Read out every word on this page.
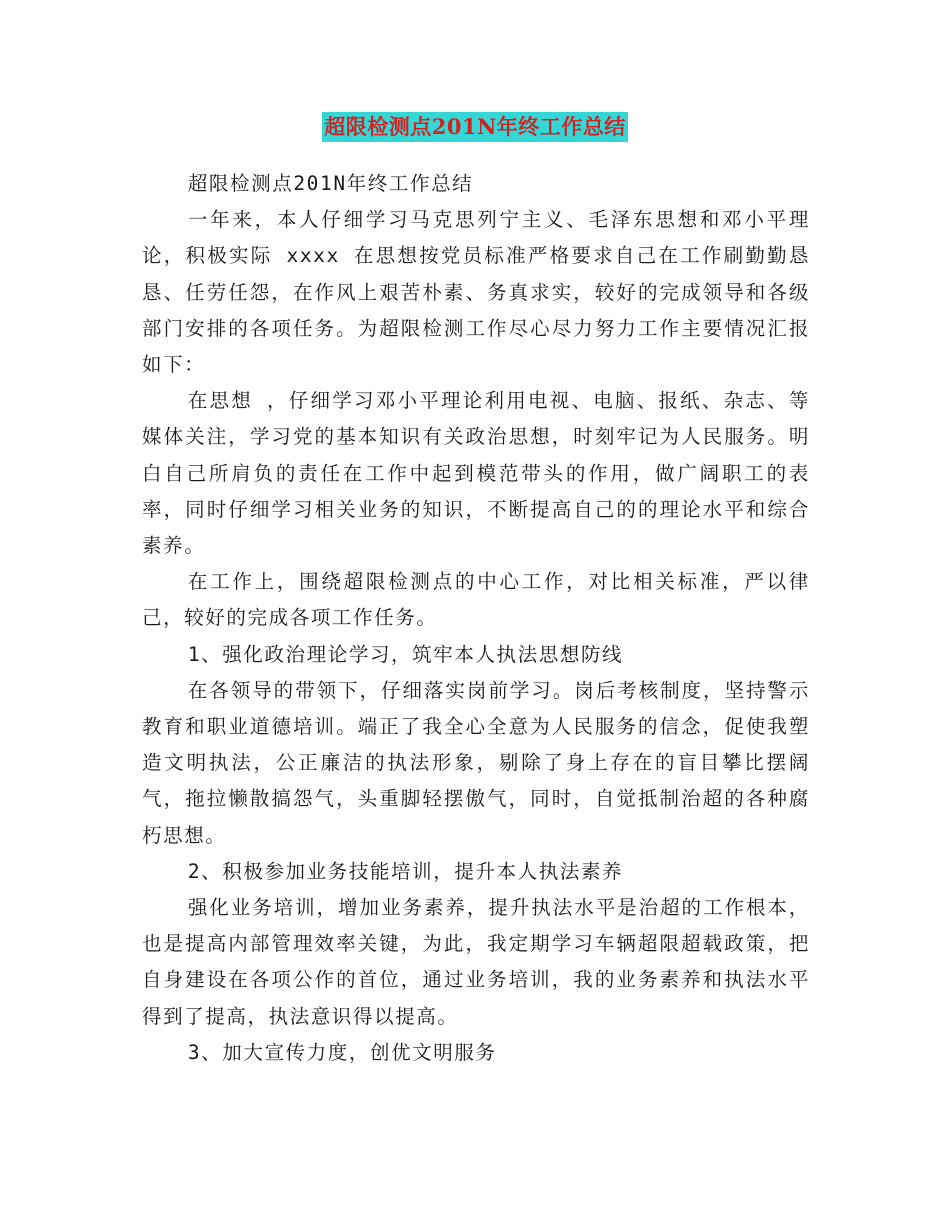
超限检测点201N年终工作总结

超限检测点201N年终工作总结

一年来，本人仔细学习马克思列宁主义、毛泽东思想和邓小平理论，积极实际 xxxx 在思想按党员标准严格要求自己在工作刷勤勤恳恳、任劳任怨，在作风上艰苦朴素、务真求实，较好的完成领导和各级部门安排的各项任务。为超限检测工作尽心尽力努力工作主要情况汇报如下：

在思想 ，仔细学习邓小平理论利用电视、电脑、报纸、杂志、等媒体关注，学习党的基本知识有关政治思想，时刻牢记为人民服务。明白自己所肩负的责任在工作中起到模范带头的作用，做广阔职工的表率，同时仔细学习相关业务的知识，不断提高自己的的理论水平和综合素养。

在工作上，围绕超限检测点的中心工作，对比相关标准，严以律己，较好的完成各项工作任务。

1、强化政治理论学习，筑牢本人执法思想防线

在各领导的带领下，仔细落实岗前学习。岗后考核制度，坚持警示教育和职业道德培训。端正了我全心全意为人民服务的信念，促使我塑造文明执法，公正廉洁的执法形象，剔除了身上存在的盲目攀比摆阔气，拖拉懒散搞怨气，头重脚轻摆傲气，同时，自觉抵制治超的各种腐朽思想。

2、积极参加业务技能培训，提升本人执法素养

强化业务培训，增加业务素养，提升执法水平是治超的工作根本，也是提高内部管理效率关键，为此，我定期学习车辆超限超载政策，把自身建设在各项公作的首位，通过业务培训，我的业务素养和执法水平得到了提高，执法意识得以提高。

3、加大宣传力度，创优文明服务
